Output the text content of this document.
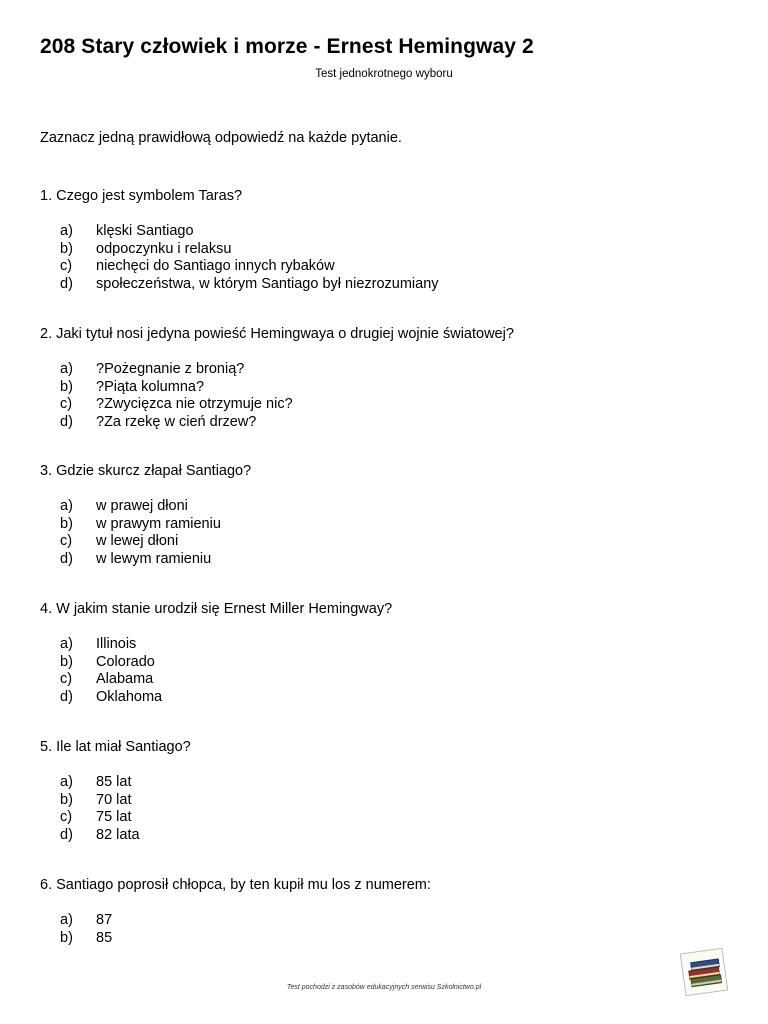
208 Stary człowiek i morze - Ernest Hemingway 2
Test jednokrotnego wyboru
Zaznacz jedną prawidłową odpowiedź na każde pytanie.
1. Czego jest symbolem Taras?
a) klęski Santiago
b) odpoczynku i relaksu
c) niechęci do Santiago innych rybaków
d) społeczeństwa, w którym Santiago był niezrozumiany
2. Jaki tytuł nosi jedyna powieść Hemingwaya o drugiej wojnie światowej?
a) ?Pożegnanie z bronią?
b) ?Piąta kolumna?
c) ?Zwycięzca nie otrzymuje nic?
d) ?Za rzekę w cień drzew?
3. Gdzie skurcz złapał Santiago?
a) w prawej dłoni
b) w prawym ramieniu
c) w lewej dłoni
d) w lewym ramieniu
4. W jakim stanie urodził się Ernest Miller Hemingway?
a) Illinois
b) Colorado
c) Alabama
d) Oklahoma
5. Ile lat miał Santiago?
a) 85 lat
b) 70 lat
c) 75 lat
d) 82 lata
6. Santiago poprosił chłopca, by ten kupił mu los z numerem:
a) 87
b) 85
Test pochodzi z zasobów edukacyjnych serwisu Szkolnictwo.pl
